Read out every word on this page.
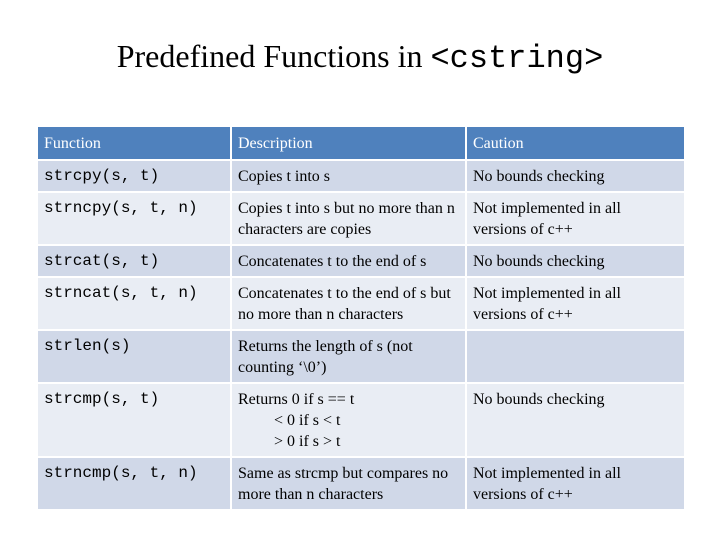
Predefined Functions in <cstring>
Function	Description	Caution
strcpy(s, t)	Copies t into s	No bounds checking
strncpy(s, t, n)	Copies t into s but no more than n characters are copies	Not implemented in all versions of c++
strcat(s, t)	Concatenates t to the end of s	No bounds checking
strncat(s, t, n)	Concatenates t to the end of s but no more than n characters	Not implemented in all versions of c++
strlen(s)	Returns the length of s (not counting ‘\0’)	
strcmp(s, t)	Returns 0 if s == t
< 0 if s < t
> 0 if s > t	No bounds checking
strncmp(s, t, n)	Same as strcmp but compares no more than n characters	Not implemented in all versions of c++
